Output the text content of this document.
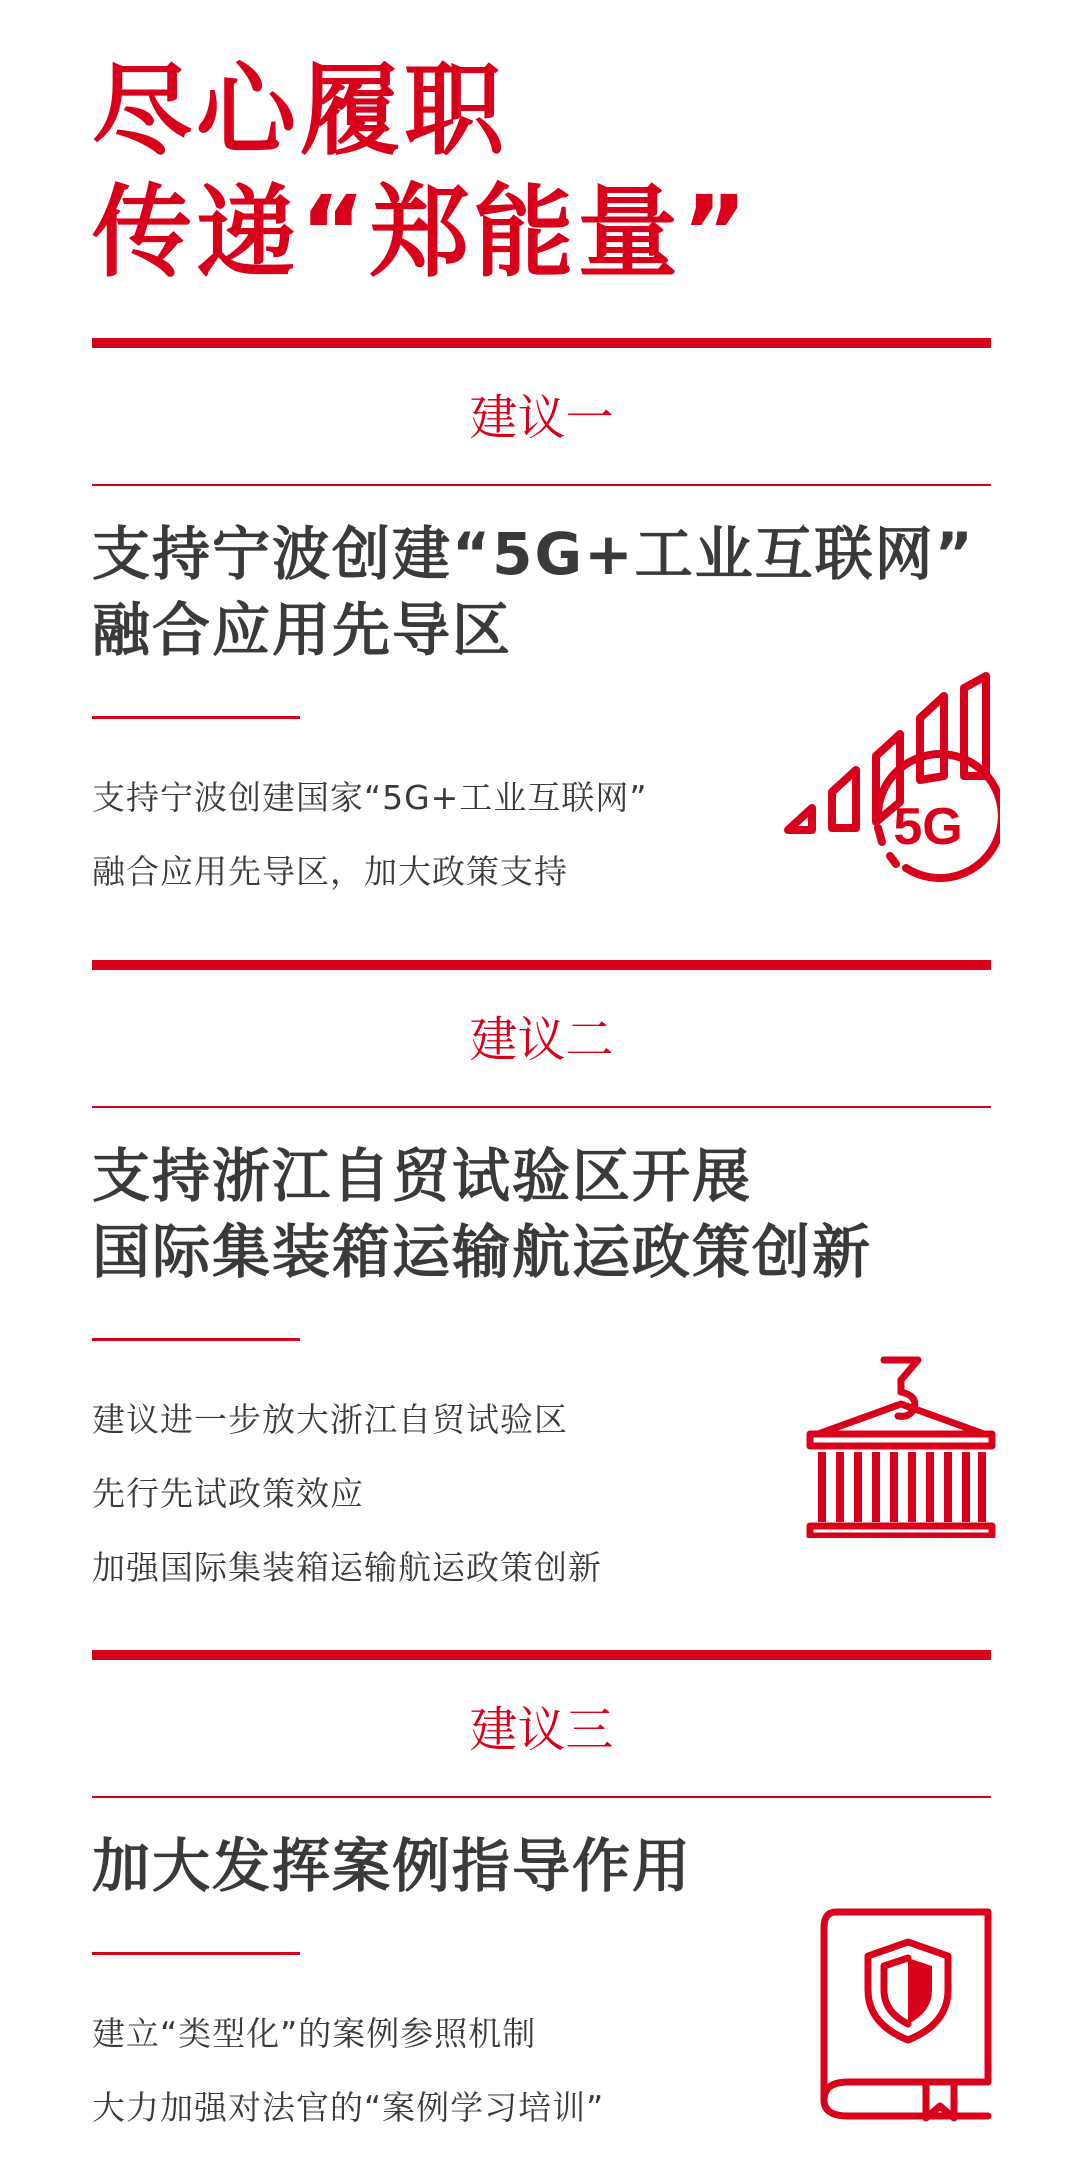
尽心履职
传递“郑能量”
建议一
支持宁波创建“5G+工业互联网”
融合应用先导区
支持宁波创建国家“5G+工业互联网”
融合应用先导区，加大政策支持
5G
建议二
支持浙江自贸试验区开展
国际集装箱运输航运政策创新
建议进一步放大浙江自贸试验区
先行先试政策效应
加强国际集装箱运输航运政策创新
建议三
加大发挥案例指导作用
建立“类型化”的案例参照机制
大力加强对法官的“案例学习培训”
